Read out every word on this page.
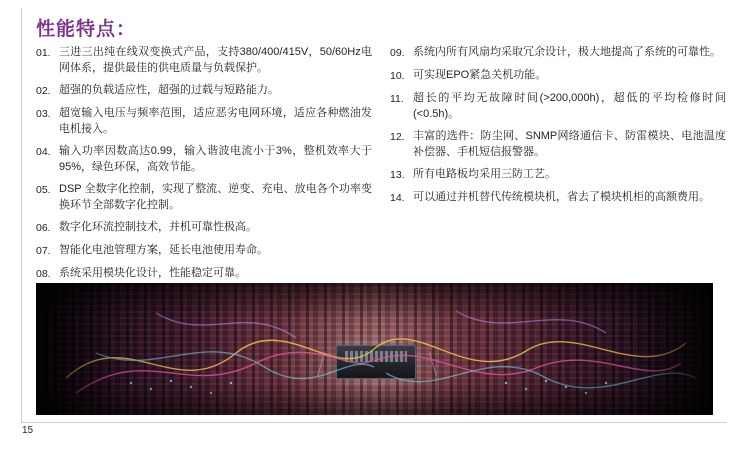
性能特点：
01. 三进三出纯在线双变换式产品，支持380/400/415V，50/60Hz电网体系，提供最佳的供电质量与负载保护。
02. 超强的负载适应性，超强的过载与短路能力。
03. 超宽输入电压与频率范围，适应恶劣电网环境，适应各种燃油发电机接入。
04. 输入功率因数高达0.99，输入谐波电流小于3%，整机效率大于95%，绿色环保，高效节能。
05. DSP 全数字化控制，实现了整流、逆变、充电、放电各个功率变换环节全部数字化控制。
06. 数字化环流控制技术，并机可靠性极高。
07. 智能化电池管理方案，延长电池使用寿命。
08. 系统采用模块化设计，性能稳定可靠。
09. 系统内所有风扇均采取冗余设计，极大地提高了系统的可靠性。
10. 可实现EPO紧急关机功能。
11. 超长的平均无故障时间(>200,000h)，超低的平均检修时间(<0.5h)。
12. 丰富的选件：防尘网、SNMP网络通信卡、防雷模块、电池温度补偿器、手机短信报警器。
13. 所有电路板均采用三防工艺。
14. 可以通过并机替代传统模块机，省去了模块机柜的高额费用。
15
